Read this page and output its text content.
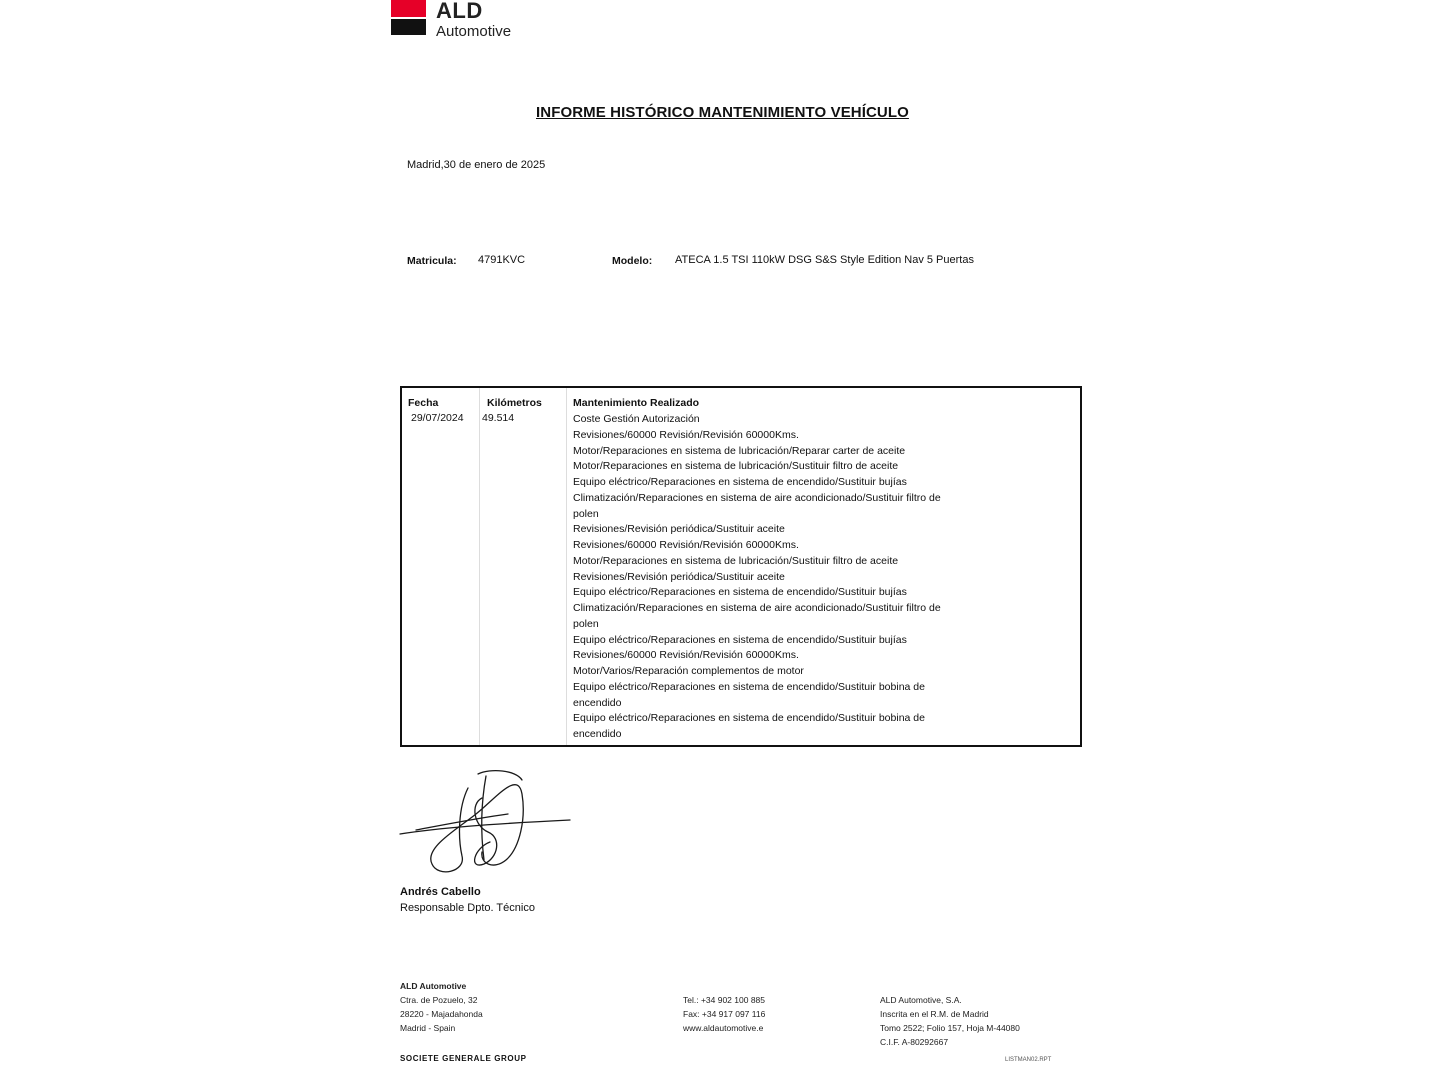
ALD
Automotive
INFORME HISTÓRICO MANTENIMIENTO VEHÍCULO
Madrid,30 de enero de 2025
Matricula: 4791KVC	Modelo: ATECA 1.5 TSI 110kW DSG S&S Style Edition Nav 5 Puertas
Fecha	Kilómetros	Mantenimiento Realizado
29/07/2024 49.514	Coste Gestión Autorización
Revisiones/60000 Revisión/Revisión 60000Kms.
Motor/Reparaciones en sistema de lubricación/Reparar carter de aceite
Motor/Reparaciones en sistema de lubricación/Sustituir filtro de aceite
Equipo eléctrico/Reparaciones en sistema de encendido/Sustituir bujías
Climatización/Reparaciones en sistema de aire acondicionado/Sustituir filtro de
polen
Revisiones/Revisión periódica/Sustituir aceite
Revisiones/60000 Revisión/Revisión 60000Kms.
Motor/Reparaciones en sistema de lubricación/Sustituir filtro de aceite
Revisiones/Revisión periódica/Sustituir aceite
Equipo eléctrico/Reparaciones en sistema de encendido/Sustituir bujías
Climatización/Reparaciones en sistema de aire acondicionado/Sustituir filtro de
polen
Equipo eléctrico/Reparaciones en sistema de encendido/Sustituir bujías
Revisiones/60000 Revisión/Revisión 60000Kms.
Motor/Varios/Reparación complementos de motor
Equipo eléctrico/Reparaciones en sistema de encendido/Sustituir bobina de
encendido
Equipo eléctrico/Reparaciones en sistema de encendido/Sustituir bobina de
encendido
Andrés Cabello
Responsable Dpto. Técnico
ALD Automotive
Ctra. de Pozuelo, 32
28220 - Majadahonda
Madrid - Spain
Tel.: +34 902 100 885
Fax: +34 917 097 116
www.aldautomotive.e
ALD Automotive, S.A.
Inscrita en el R.M. de Madrid
Tomo 2522; Folio 157, Hoja M-44080
C.I.F. A-80292667
SOCIETE GENERALE GROUP	LISTMAN02.RPT
